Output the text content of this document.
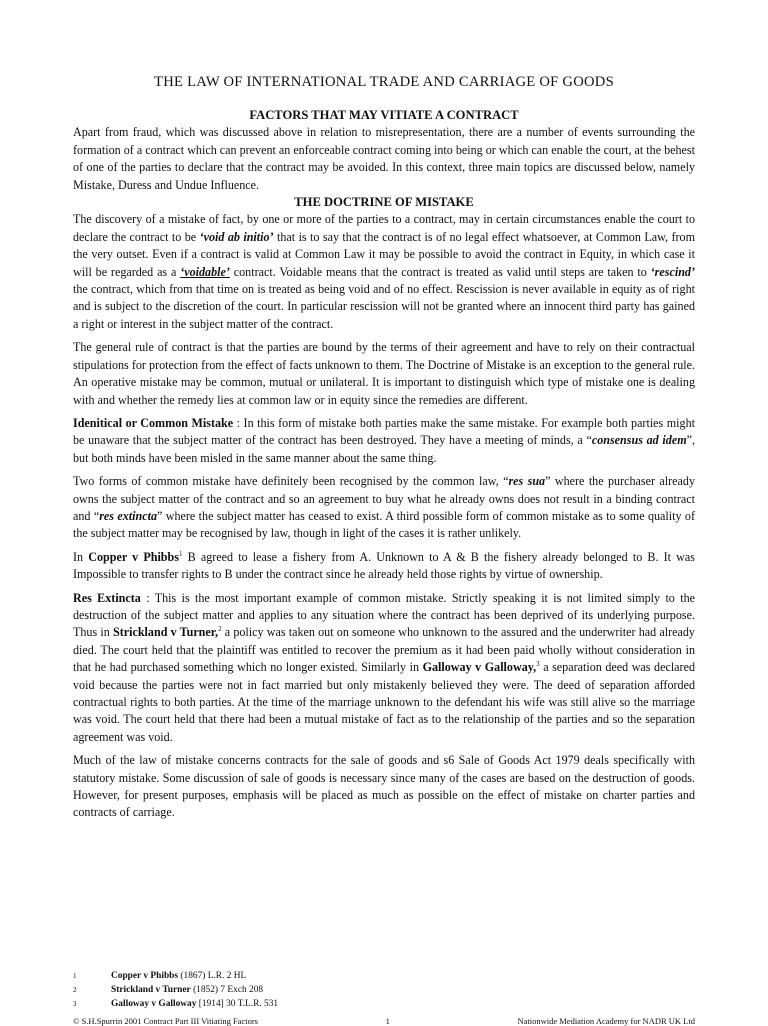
THE LAW OF INTERNATIONAL TRADE AND CARRIAGE OF GOODS
FACTORS THAT MAY VITIATE A CONTRACT

Apart from fraud, which was discussed above in relation to misrepresentation, there are a number of events surrounding the formation of a contract which can prevent an enforceable contract coming into being or which can enable the court, at the behest of one of the parties to declare that the contract may be avoided. In this context, three main topics are discussed below, namely Mistake, Duress and Undue Influence.

THE DOCTRINE OF MISTAKE

The discovery of a mistake of fact, by one or more of the parties to a contract, may in certain circumstances enable the court to declare the contract to be ‘void ab initio’ that is to say that the contract is of no legal effect whatsoever, at Common Law, from the very outset. Even if a contract is valid at Common Law it may be possible to avoid the contract in Equity, in which case it will be regarded as a ‘voidable’ contract. Voidable means that the contract is treated as valid until steps are taken to ‘rescind’ the contract, which from that time on is treated as being void and of no effect. Rescission is never available in equity as of right and is subject to the discretion of the court. In particular rescission will not be granted where an innocent third party has gained a right or interest in the subject matter of the contract.

The general rule of contract is that the parties are bound by the terms of their agreement and have to rely on their contractual stipulations for protection from the effect of facts unknown to them. The Doctrine of Mistake is an exception to the general rule. An operative mistake may be common, mutual or unilateral. It is important to distinguish which type of mistake one is dealing with and whether the remedy lies at common law or in equity since the remedies are different.

Idenitical or Common Mistake : In this form of mistake both parties make the same mistake. For example both parties might be unaware that the subject matter of the contract has been destroyed. They have a meeting of minds, a “consensus ad idem”, but both minds have been misled in the same manner about the same thing.

Two forms of common mistake have definitely been recognised by the common law, “res sua” where the purchaser already owns the subject matter of the contract and so an agreement to buy what he already owns does not result in a binding contract and “res extincta” where the subject matter has ceased to exist. A third possible form of common mistake as to some quality of the subject matter may be recognised by law, though in light of the cases it is rather unlikely.

In Copper v Phibbs$^1$ B agreed to lease a fishery from A. Unknown to A & B the fishery already belonged to B. It was Impossible to transfer rights to B under the contract since he already held those rights by virtue of ownership.

Res Extincta : This is the most important example of common mistake. Strictly speaking it is not limited simply to the destruction of the subject matter and applies to any situation where the contract has been deprived of its underlying purpose. Thus in Strickland v Turner,$^2$ a policy was taken out on someone who unknown to the assured and the underwriter had already died. The court held that the plaintiff was entitled to recover the premium as it had been paid wholly without consideration in that he had purchased something which no longer existed. Similarly in Galloway v Galloway,$^3$ a separation deed was declared void because the parties were not in fact married but only mistakenly believed they were. The deed of separation afforded contractual rights to both parties. At the time of the marriage unknown to the defendant his wife was still alive so the marriage was void. The court held that there had been a mutual mistake of fact as to the relationship of the parties and so the separation agreement was void.

Much of the law of mistake concerns contracts for the sale of goods and s6 Sale of Goods Act 1979 deals specifically with statutory mistake. Some discussion of sale of goods is necessary since many of the cases are based on the destruction of goods. However, for present purposes, emphasis will be placed as much as possible on the effect of mistake on charter parties and contracts of carriage.

1	Copper v Phibbs (1867) L.R. 2 HL
2	Strickland v Turner (1852) 7 Exch 208
3	Galloway v Galloway [1914] 30 T.L.R. 531
© S.H.Spurrin 2001 Contract Part III Vitiating Factors	1	Nationwide Mediation Academy for NADR UK Ltd
